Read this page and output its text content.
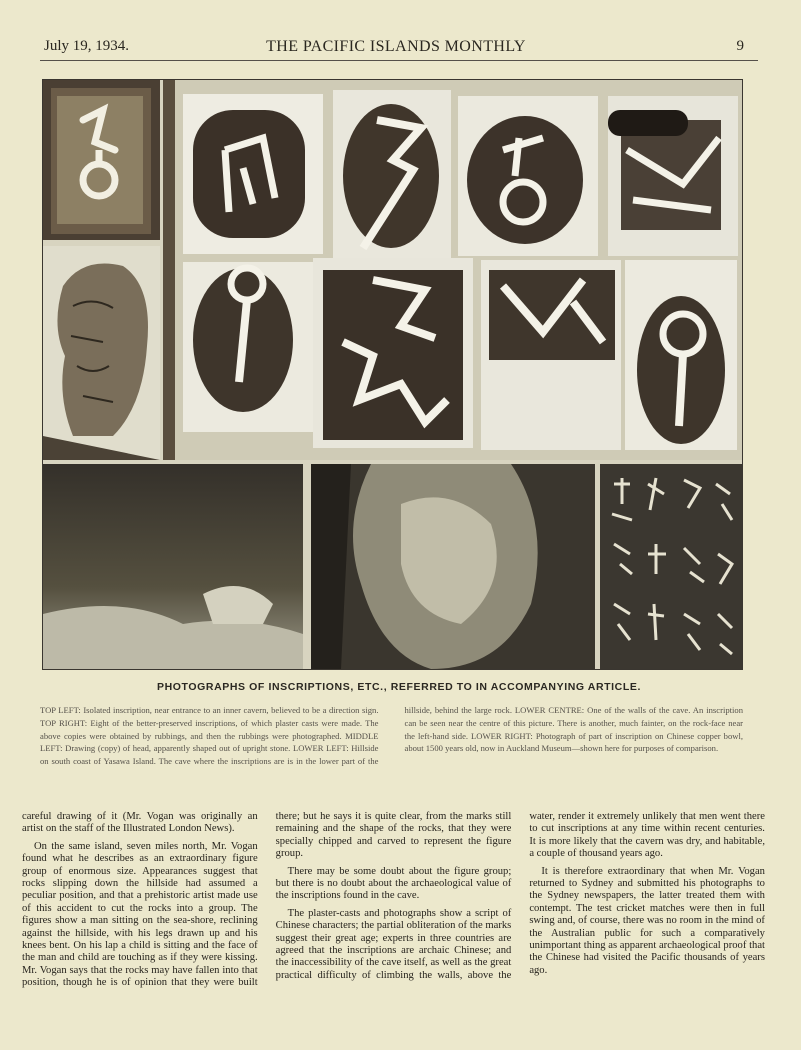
July 19, 1934.	THE PACIFIC ISLANDS MONTHLY	9
PHOTOGRAPHS OF INSCRIPTIONS, ETC., REFERRED TO IN ACCOMPANYING ARTICLE.

TOP LEFT: Isolated inscription, near entrance to an inner cavern, believed to be a direction sign. TOP RIGHT: Eight of the better-preserved inscriptions, of which plaster casts were made. The above copies were obtained by rubbings, and then the rubbings were photographed. MIDDLE LEFT: Drawing (copy) of head, apparently shaped out of upright stone. LOWER LEFT: Hillside on south coast of Yasawa Island. The cave where the inscriptions are is in the lower part of the hillside, behind the large rock. LOWER CENTRE: One of the walls of the cave. An inscription can be seen near the centre of this picture. There is another, much fainter, on the rock-face near the left-hand side. LOWER RIGHT: Photograph of part of inscription on Chinese copper bowl, about 1500 years old, now in Auckland Museum—shown here for purposes of comparison.

careful drawing of it (Mr. Vogan was originally an artist on the staff of the Illustrated London News).

On the same island, seven miles north, Mr. Vogan found what he describes as an extraordinary figure group of enormous size. Appearances suggest that rocks slipping down the hillside had assumed a peculiar position, and that a prehistoric artist made use of this accident to cut the rocks into a group. The figures show a man sitting on the sea-shore, reclining against the hillside, with his legs drawn up and his knees bent. On his lap a child is sitting and the face of the man and child are touching as if they were kissing. Mr. Vogan says that the rocks may have fallen into that position, though he is of opinion that they were built there; but he says it is quite clear, from the marks still remaining and the shape of the rocks, that they were specially chipped and carved to represent the figure group.

There may be some doubt about the figure group; but there is no doubt about the archaeological value of the inscriptions found in the cave.

The plaster-casts and photographs show a script of Chinese characters; the partial obliteration of the marks suggest their great age; experts in three countries are agreed that the inscriptions are archaic Chinese; and the inaccessibility of the cave itself, as well as the great practical difficulty of climbing the walls, above the water, render it extremely unlikely that men went there to cut inscriptions at any time within recent centuries. It is more likely that the cavern was dry, and habitable, a couple of thousand years ago.

It is therefore extraordinary that when Mr. Vogan returned to Sydney and submitted his photographs to the Sydney newspapers, the latter treated them with contempt. The test cricket matches were then in full swing and, of course, there was no room in the mind of the Australian public for such a comparatively unimportant thing as apparent archaeological proof that the Chinese had visited the Pacific thousands of years ago.
